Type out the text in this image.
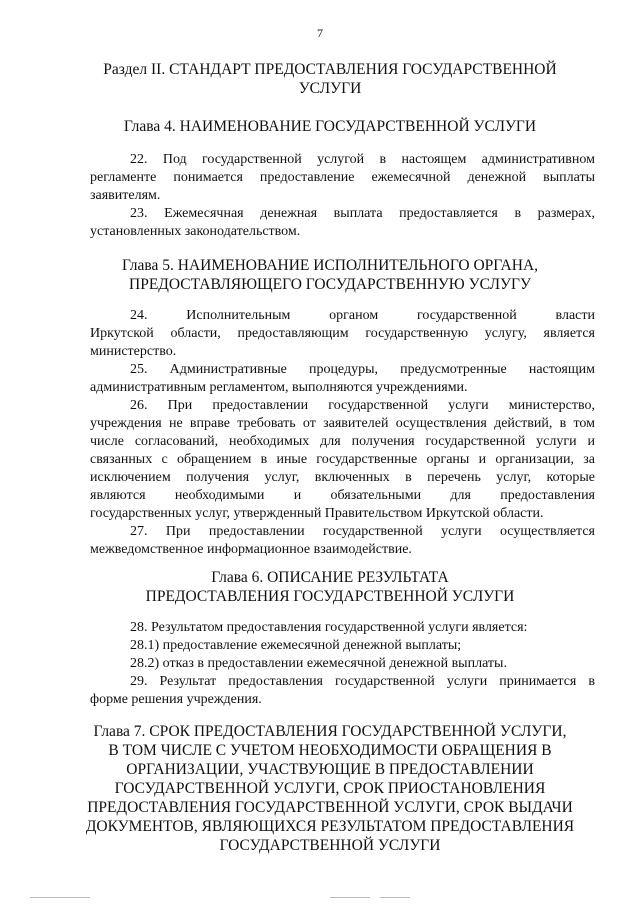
7
Раздел II. СТАНДАРТ ПРЕДОСТАВЛЕНИЯ ГОСУДАРСТВЕННОЙ
УСЛУГИ
Глава 4. НАИМЕНОВАНИЕ ГОСУДАРСТВЕННОЙ УСЛУГИ
22. Под государственной услугой в настоящем административном
регламенте понимается предоставление ежемесячной денежной выплаты
заявителям.
23. Ежемесячная денежная выплата предоставляется в размерах,
установленных законодательством.
Глава 5. НАИМЕНОВАНИЕ ИСПОЛНИТЕЛЬНОГО ОРГАНА,
ПРЕДОСТАВЛЯЮЩЕГО ГОСУДАРСТВЕННУЮ УСЛУГУ
24. Исполнительным органом государственной власти
Иркутской области, предоставляющим государственную услугу, является
министерство.
25. Административные процедуры, предусмотренные настоящим
административным регламентом, выполняются учреждениями.
26. При предоставлении государственной услуги министерство,
учреждения не вправе требовать от заявителей осуществления действий, в том
числе согласований, необходимых для получения государственной услуги и
связанных с обращением в иные государственные органы и организации, за
исключением получения услуг, включенных в перечень услуг, которые
являются необходимыми и обязательными для предоставления
государственных услуг, утвержденный Правительством Иркутской области.
27. При предоставлении государственной услуги осуществляется
межведомственное информационное взаимодействие.
Глава 6. ОПИСАНИЕ РЕЗУЛЬТАТА
ПРЕДОСТАВЛЕНИЯ ГОСУДАРСТВЕННОЙ УСЛУГИ
28. Результатом предоставления государственной услуги является:
28.1) предоставление ежемесячной денежной выплаты;
28.2) отказ в предоставлении ежемесячной денежной выплаты.
29. Результат предоставления государственной услуги принимается в
форме решения учреждения.
Глава 7. СРОК ПРЕДОСТАВЛЕНИЯ ГОСУДАРСТВЕННОЙ УСЛУГИ,
В ТОМ ЧИСЛЕ С УЧЕТОМ НЕОБХОДИМОСТИ ОБРАЩЕНИЯ В
ОРГАНИЗАЦИИ, УЧАСТВУЮЩИЕ В ПРЕДОСТАВЛЕНИИ
ГОСУДАРСТВЕННОЙ УСЛУГИ, СРОК ПРИОСТАНОВЛЕНИЯ
ПРЕДОСТАВЛЕНИЯ ГОСУДАРСТВЕННОЙ УСЛУГИ, СРОК ВЫДАЧИ
ДОКУМЕНТОВ, ЯВЛЯЮЩИХСЯ РЕЗУЛЬТАТОМ ПРЕДОСТАВЛЕНИЯ
ГОСУДАРСТВЕННОЙ УСЛУГИ
